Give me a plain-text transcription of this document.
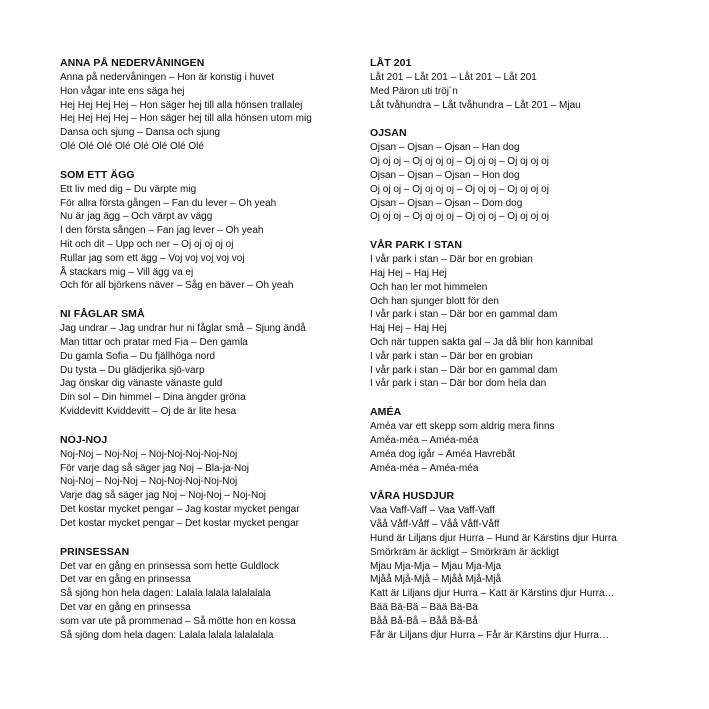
ANNA PÅ NEDERVÅNINGEN
Anna på nedervåningen – Hon är konstig i huvet
Hon vågar inte ens säga hej
Hej Hej Hej Hej – Hon säger hej till alla hönsen trallalej
Hej Hej Hej Hej – Hon säger hej till alla hönsen utom mig
Dansa och sjung – Dansa och sjung
Olé Olé Olé Olé Olé Olé Olé Olé
SOM ETT ÄGG
Ett liv med dig – Du värpte mig
För allra första gången – Fan du lever – Oh yeah
Nu är jag ägg – Och värpt av vägg
I den första sången – Fan jag lever – Oh yeah
Hit och dit – Upp och ner – Oj oj oj oj oj
Rullar jag som ett ägg – Voj voj voj voj voj
Å stackars mig – Vill ägg va ej
Och för all björkens näver – Såg en bäver – Oh yeah
NI FÅGLAR SMÅ
Jag undrar – Jag undrar hur ni fåglar små – Sjung ändå
Man tittar och pratar med Fia – Den gamla
Du gamla Sofia – Du fjällhöga nord
Du tysta – Du glädjerika sjö-varp
Jag önskar dig vänaste vänaste guld
Din sol – Din himmel – Dina ängder gröna
Kviddevitt Kviddevitt – Oj de är lite hesa
NOJ-NOJ
Noj-Noj – Noj-Noj – Noj-Noj-Noj-Noj-Noj
För varje dag så säger jag Noj – Bla-ja-Noj
Noj-Noj – Noj-Noj – Noj-Noj-Noj-Noj-Noj
Varje dag så säger jag Noj – Noj-Noj – Noj-Noj
Det kostar mycket pengar – Jag kostar mycket pengar
Det kostar mycket pengar – Det kostar mycket pengar
PRINSESSAN
Det var en gång en prinsessa som hette Guldlock
Det var en gång en prinsessa
Så sjöng hon hela dagen: Lalala lalala lalalalala
Det var en gång en prinsessa
som var ute på prommenad – Så mötte hon en kossa
Så sjöng dom hela dagen: Lalala lalala lalalalala
LÅT 201
Låt 201 – Låt 201 – Låt 201 – Låt 201
Med Päron uti tröj´n
Låt tvåhundra – Låt tvåhundra – Låt 201 – Mjau
OJSAN
Ojsan – Ojsan – Ojsan – Han dog
Oj oj oj – Oj oj oj oj – Oj oj oj – Oj oj oj oj
Ojsan – Ojsan – Ojsan – Hon dog
Oj oj oj – Oj oj oj oj – Oj oj oj – Oj oj oj oj
Ojsan – Ojsan – Ojsan – Dom dog
Oj oj oj – Oj oj oj oj – Oj oj oj – Oj oj oj oj
VÅR PARK I STAN
I vår park i stan – Där bor en grobian
Haj Hej – Haj Hej
Och han ler mot himmelen
Och han sjunger blott för den
I vår park i stan – Där bor en gammal dam
Haj Hej – Haj Hej
Och när tuppen sakta gal – Ja då blir hon kannibal
I vår park i stan – Där bor en grobian
I vår park i stan – Där bor en gammal dam
I vår park i stan – Där bor dom hela dan
AMÉA
Améa var ett skepp som aldrig mera finns
Améa-méa – Améa-méa
Améa dog igår – Améa Havrebåt
Améa-méa – Améa-méa
VÅRA HUSDJUR
Vaa Vaff-Vaff – Vaa Vaff-Vaff
Våå Våff-Våff – Våå Våff-Våff
Hund är Liljans djur Hurra – Hund är Kärstins djur Hurra
Smörkräm är äckligt – Smörkräm är äckligt
Mjau Mja-Mja – Mjau Mja-Mja
Mjåå Mjå-Mjå – Mjåå Mjå-Mjå
Katt är Liljans djur Hurra – Katt är Kärstins djur Hurra…
Bää Bä-Bä – Bää Bä-Bä
Båå Bå-Bå – Båå Bå-Bå
Får är Liljans djur Hurra – Får är Kärstins djur Hurra…
